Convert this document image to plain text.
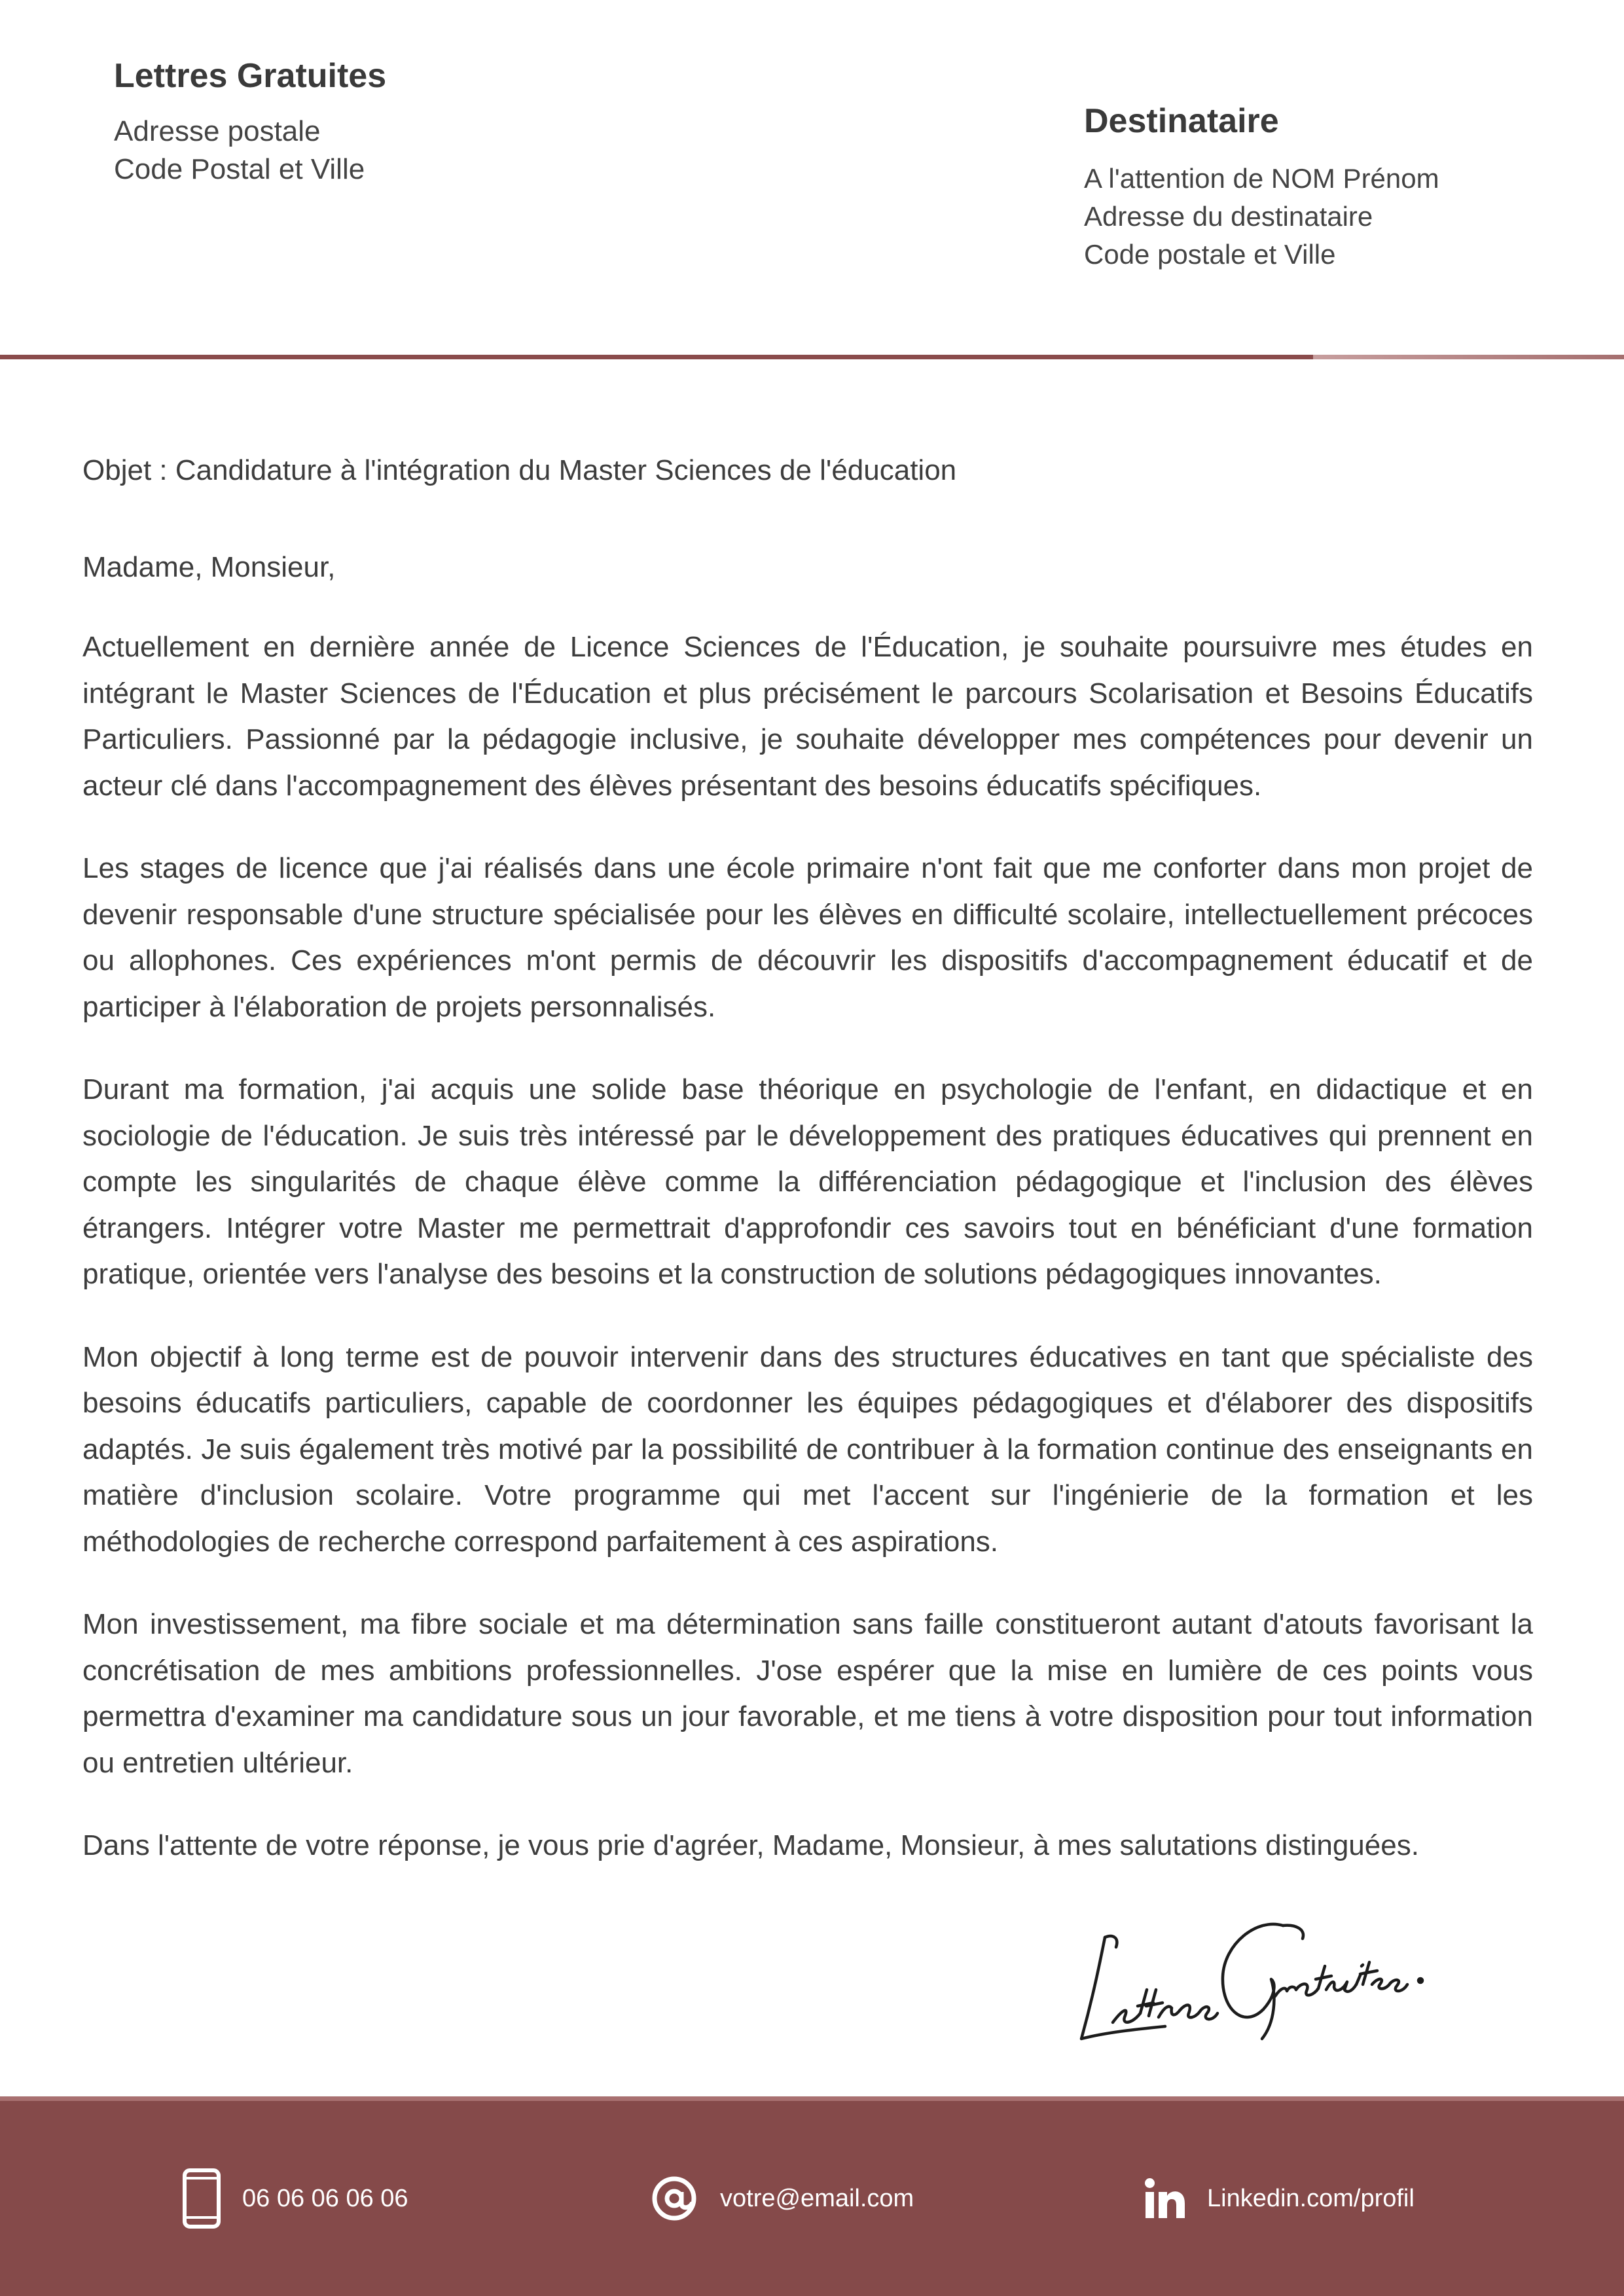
Lettres Gratuites
Adresse postale
Code Postal et Ville
Destinataire
A l'attention de NOM Prénom
Adresse du destinataire
Code postale et Ville

Objet : Candidature à l'intégration du Master Sciences de l'éducation

Madame, Monsieur,

Actuellement en dernière année de Licence Sciences de l'Éducation, je souhaite poursuivre mes études en intégrant le Master Sciences de l'Éducation et plus précisément le parcours Scolarisation et Besoins Éducatifs Particuliers. Passionné par la pédagogie inclusive, je souhaite développer mes compétences pour devenir un acteur clé dans l'accompagnement des élèves présentant des besoins éducatifs spécifiques.

Les stages de licence que j'ai réalisés dans une école primaire n'ont fait que me conforter dans mon projet de devenir responsable d'une structure spécialisée pour les élèves en difficulté scolaire, intellectuellement précoces ou allophones. Ces expériences m'ont permis de découvrir les dispositifs d'accompagnement éducatif et de participer à l'élaboration de projets personnalisés.

Durant ma formation, j'ai acquis une solide base théorique en psychologie de l'enfant, en didactique et en sociologie de l'éducation. Je suis très intéressé par le développement des pratiques éducatives qui prennent en compte les singularités de chaque élève comme la différenciation pédagogique et l'inclusion des élèves étrangers. Intégrer votre Master me permettrait d'approfondir ces savoirs tout en bénéficiant d'une formation pratique, orientée vers l'analyse des besoins et la construction de solutions pédagogiques innovantes.

Mon objectif à long terme est de pouvoir intervenir dans des structures éducatives en tant que spécialiste des besoins éducatifs particuliers, capable de coordonner les équipes pédagogiques et d'élaborer des dispositifs adaptés. Je suis également très motivé par la possibilité de contribuer à la formation continue des enseignants en matière d'inclusion scolaire. Votre programme qui met l'accent sur l'ingénierie de la formation et les méthodologies de recherche correspond parfaitement à ces aspirations.

Mon investissement, ma fibre sociale et ma détermination sans faille constitueront autant d'atouts favorisant la concrétisation de mes ambitions professionnelles. J'ose espérer que la mise en lumière de ces points vous permettra d'examiner ma candidature sous un jour favorable, et me tiens à votre disposition pour tout information ou entretien ultérieur.

Dans l'attente de votre réponse, je vous prie d'agréer, Madame, Monsieur, à mes salutations distinguées.

06 06 06 06 06	votre@email.com	Linkedin.com/profil
